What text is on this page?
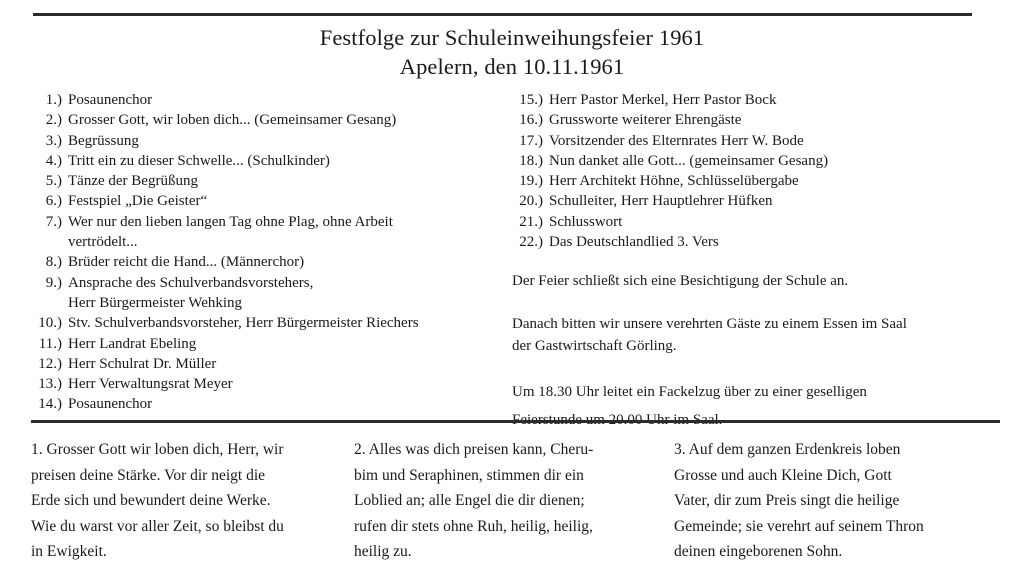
Festfolge zur Schuleinweihungsfeier 1961
Apelern, den 10.11.1961
1.) Posaunenchor
2.) Grosser Gott, wir loben dich... (Gemeinsamer Gesang)
3.) Begrüssung
4.) Tritt ein zu dieser Schwelle... (Schulkinder)
5.) Tänze der Begrüßung
6.) Festspiel „Die Geister“
7.) Wer nur den lieben langen Tag ohne Plag, ohne Arbeit
vertrödelt...
8.) Brüder reicht die Hand... (Männerchor)
9.) Ansprache des Schulverbandsvorstehers,
Herr Bürgermeister Wehking
10.) Stv. Schulverbandsvorsteher, Herr Bürgermeister Riechers
11.) Herr Landrat Ebeling
12.) Herr Schulrat Dr. Müller
13.) Herr Verwaltungsrat Meyer
14.) Posaunenchor
15.) Herr Pastor Merkel, Herr Pastor Bock
16.) Grussworte weiterer Ehrengäste
17.) Vorsitzender des Elternrates Herr W. Bode
18.) Nun danket alle Gott... (gemeinsamer Gesang)
19.) Herr Architekt Höhne, Schlüsselübergabe
20.) Schulleiter, Herr Hauptlehrer Hüfken
21.) Schlusswort
22.) Das Deutschlandlied 3. Vers
Der Feier schließt sich eine Besichtigung der Schule an.
Danach bitten wir unsere verehrten Gäste zu einem Essen im Saal
der Gastwirtschaft Görling.
Um 18.30 Uhr leitet ein Fackelzug über zu einer geselligen
1. Grosser Gott wir loben dich, Herr, wir
preisen deine Stärke. Vor dir neigt die
Erde sich und bewundert deine Werke.
Wie du warst vor aller Zeit, so bleibst du
in Ewigkeit.
2. Alles was dich preisen kann, Cheru-
bim und Seraphinen, stimmen dir ein
Loblied an; alle Engel die dir dienen;
rufen dir stets ohne Ruh, heilig, heilig,
heilig zu.
3. Auf dem ganzen Erdenkreis loben
Grosse und auch Kleine Dich, Gott
Vater, dir zum Preis singt die heilige
Gemeinde; sie verehrt auf seinem Thron
deinen eingeborenen Sohn.
